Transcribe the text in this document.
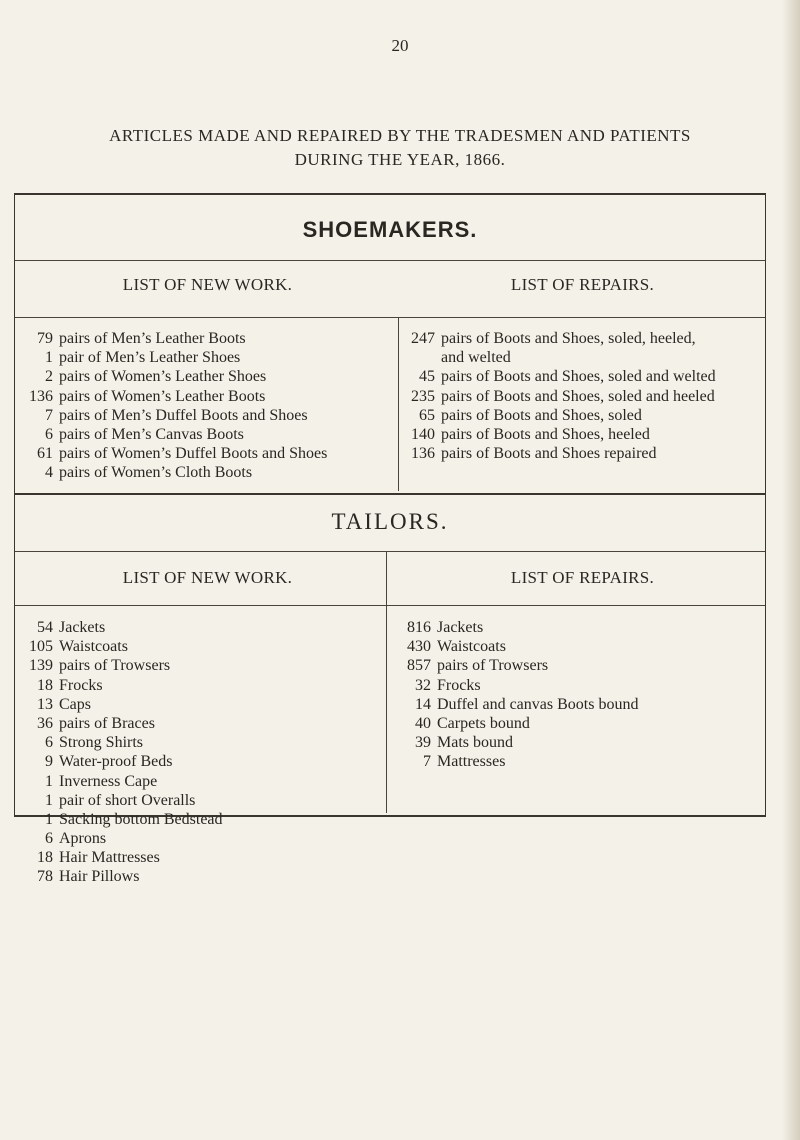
20
ARTICLES MADE AND REPAIRED BY THE TRADESMEN AND PATIENTS
DURING THE YEAR, 1866.
SHOEMAKERS.
LIST OF NEW WORK.	LIST OF REPAIRS.
79 pairs of Men’s Leather Boots
1 pair of Men’s Leather Shoes
2 pairs of Women’s Leather Shoes
136 pairs of Women’s Leather Boots
7 pairs of Men’s Duffel Boots and Shoes
6 pairs of Men’s Canvas Boots
61 pairs of Women’s Duffel Boots and Shoes
4 pairs of Women’s Cloth Boots
247 pairs of Boots and Shoes, soled, heeled,
and welted
45 pairs of Boots and Shoes, soled and welted
235 pairs of Boots and Shoes, soled and heeled
65 pairs of Boots and Shoes, soled
140 pairs of Boots and Shoes, heeled
136 pairs of Boots and Shoes repaired
TAILORS.
LIST OF NEW WORK.	LIST OF REPAIRS.
54 Jackets
105 Waistcoats
139 pairs of Trowsers
18 Frocks
13 Caps
36 pairs of Braces
6 Strong Shirts
9 Water-proof Beds
1 Inverness Cape
1 pair of short Overalls
1 Sacking bottom Bedstead
6 Aprons
18 Hair Mattresses
78 Hair Pillows
816 Jackets
430 Waistcoats
857 pairs of Trowsers
32 Frocks
14 Duffel and canvas Boots bound
40 Carpets bound
39 Mats bound
7 Mattresses
